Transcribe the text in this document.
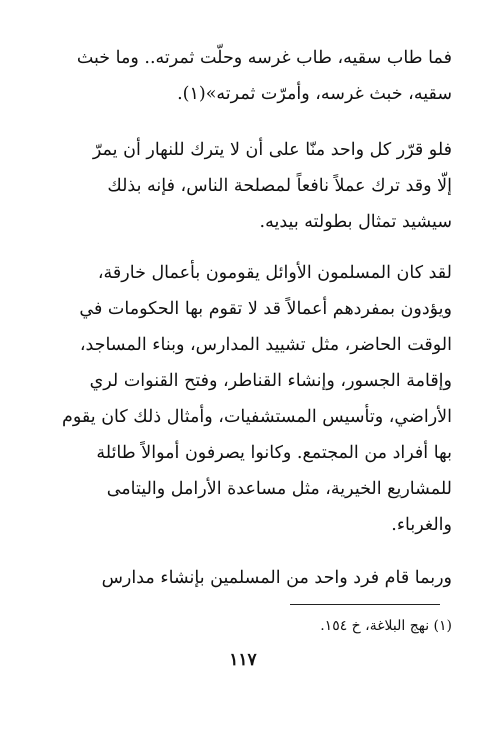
فما طاب سقيه، طاب غرسه وحلّت ثمرته.. وما خبث
سقيه، خبث غرسه، وأمرّت ثمرته»(١).
فلو قرّر كل واحد منّا على أن لا يترك للنهار أن يمرّ
إلّا وقد ترك عملاً نافعاً لمصلحة الناس، فإنه بذلك
سيشيد تمثال بطولته بيديه.
لقد كان المسلمون الأوائل يقومون بأعمال خارقة،
ويؤدون بمفردهم أعمالاً قد لا تقوم بها الحكومات في
الوقت الحاضر، مثل تشييد المدارس، وبناء المساجد،
وإقامة الجسور، وإنشاء القناطر، وفتح القنوات لري
الأراضي، وتأسيس المستشفيات، وأمثال ذلك كان يقوم
بها أفراد من المجتمع. وكانوا يصرفون أموالاً طائلة
للمشاريع الخيرية، مثل مساعدة الأرامل واليتامى
والغرباء.
وربما قام فرد واحد من المسلمين بإنشاء مدارس
(١) نهج البلاغة، خ ١٥٤.
١١٧
